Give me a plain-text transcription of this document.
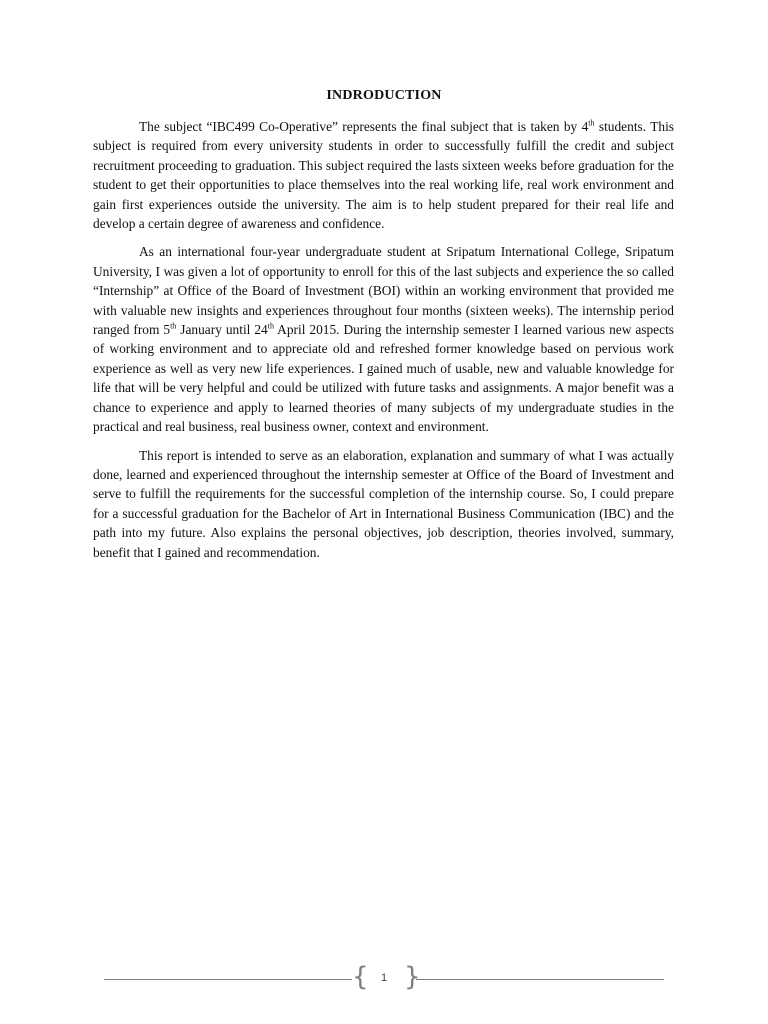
INDRODUCTION

The subject “IBC499 Co-Operative” represents the final subject that is taken by 4th students. This subject is required from every university students in order to successfully fulfill the credit and subject recruitment proceeding to graduation. This subject required the lasts sixteen weeks before graduation for the student to get their opportunities to place themselves into the real working life, real work environment and gain first experiences outside the university. The aim is to help student prepared for their real life and develop a certain degree of awareness and confidence.

As an international four-year undergraduate student at Sripatum International College, Sripatum University, I was given a lot of opportunity to enroll for this of the last subjects and experience the so called “Internship” at Office of the Board of Investment (BOI) within an working environment that provided me with valuable new insights and experiences throughout four months (sixteen weeks). The internship period ranged from 5th January until 24th April 2015. During the internship semester I learned various new aspects of working environment and to appreciate old and refreshed former knowledge based on pervious work experience as well as very new life experiences. I gained much of usable, new and valuable knowledge for life that will be very helpful and could be utilized with future tasks and assignments. A major benefit was a chance to experience and apply to learned theories of many subjects of my undergraduate studies in the practical and real business, real business owner, context and environment.

This report is intended to serve as an elaboration, explanation and summary of what I was actually done, learned and experienced throughout the internship semester at Office of the Board of Investment and serve to fulfill the requirements for the successful completion of the internship course. So, I could prepare for a successful graduation for the Bachelor of Art in International Business Communication (IBC) and the path into my future. Also explains the personal objectives, job description, theories involved, summary, benefit that I gained and recommendation.

{	1 }
